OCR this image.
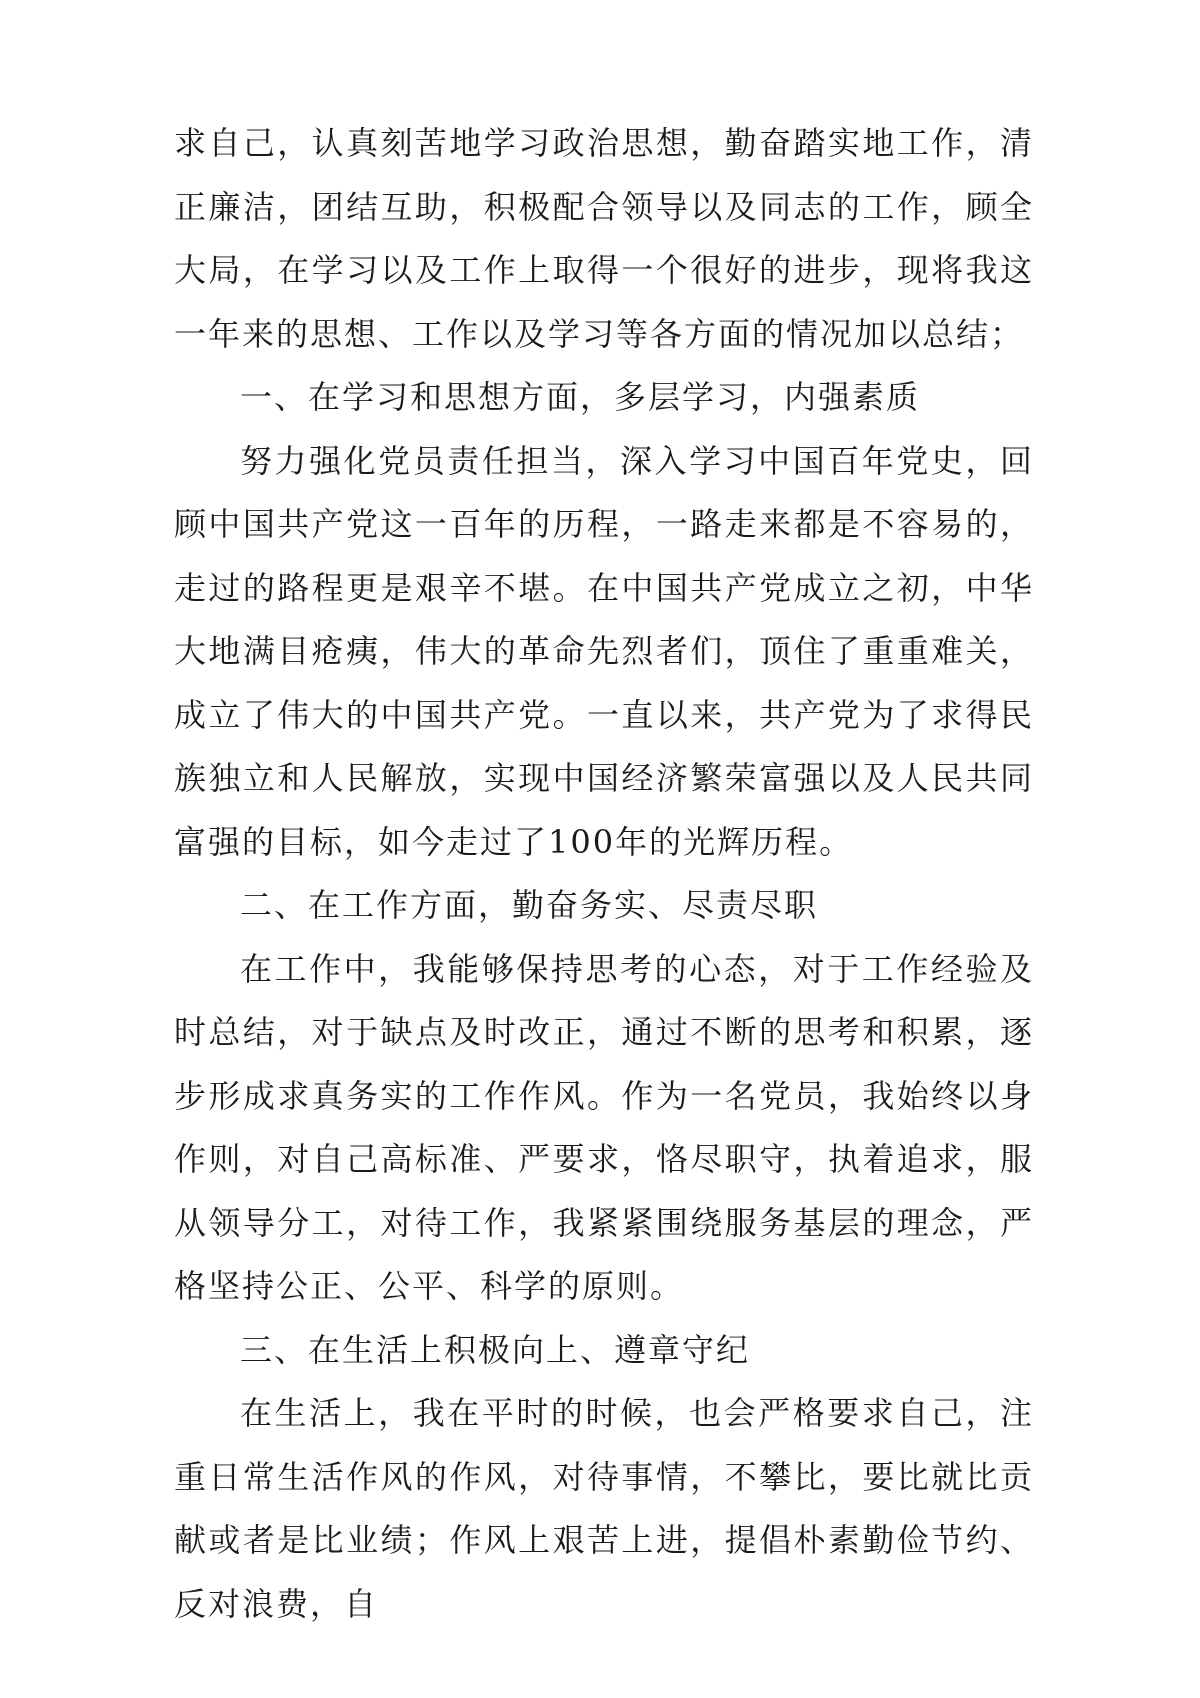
求自己，认真刻苦地学习政治思想，勤奋踏实地工作，清正廉洁，团结互助，积极配合领导以及同志的工作，顾全大局，在学习以及工作上取得一个很好的进步，现将我这一年来的思想、工作以及学习等各方面的情况加以总结；

一、在学习和思想方面，多层学习，内强素质

努力强化党员责任担当，深入学习中国百年党史，回顾中国共产党这一百年的历程，一路走来都是不容易的，走过的路程更是艰辛不堪。在中国共产党成立之初，中华大地满目疮痍，伟大的革命先烈者们，顶住了重重难关，成立了伟大的中国共产党。一直以来，共产党为了求得民族独立和人民解放，实现中国经济繁荣富强以及人民共同富强的目标，如今走过了100年的光辉历程。

二、在工作方面，勤奋务实、尽责尽职

在工作中，我能够保持思考的心态，对于工作经验及时总结，对于缺点及时改正，通过不断的思考和积累，逐步形成求真务实的工作作风。作为一名党员，我始终以身作则，对自己高标准、严要求，恪尽职守，执着追求，服从领导分工，对待工作，我紧紧围绕服务基层的理念，严格坚持公正、公平、科学的原则。

三、在生活上积极向上、遵章守纪

在生活上，我在平时的时候，也会严格要求自己，注重日常生活作风的作风，对待事情，不攀比，要比就比贡献或者是比业绩；作风上艰苦上进，提倡朴素勤俭节约、反对浪费，自
